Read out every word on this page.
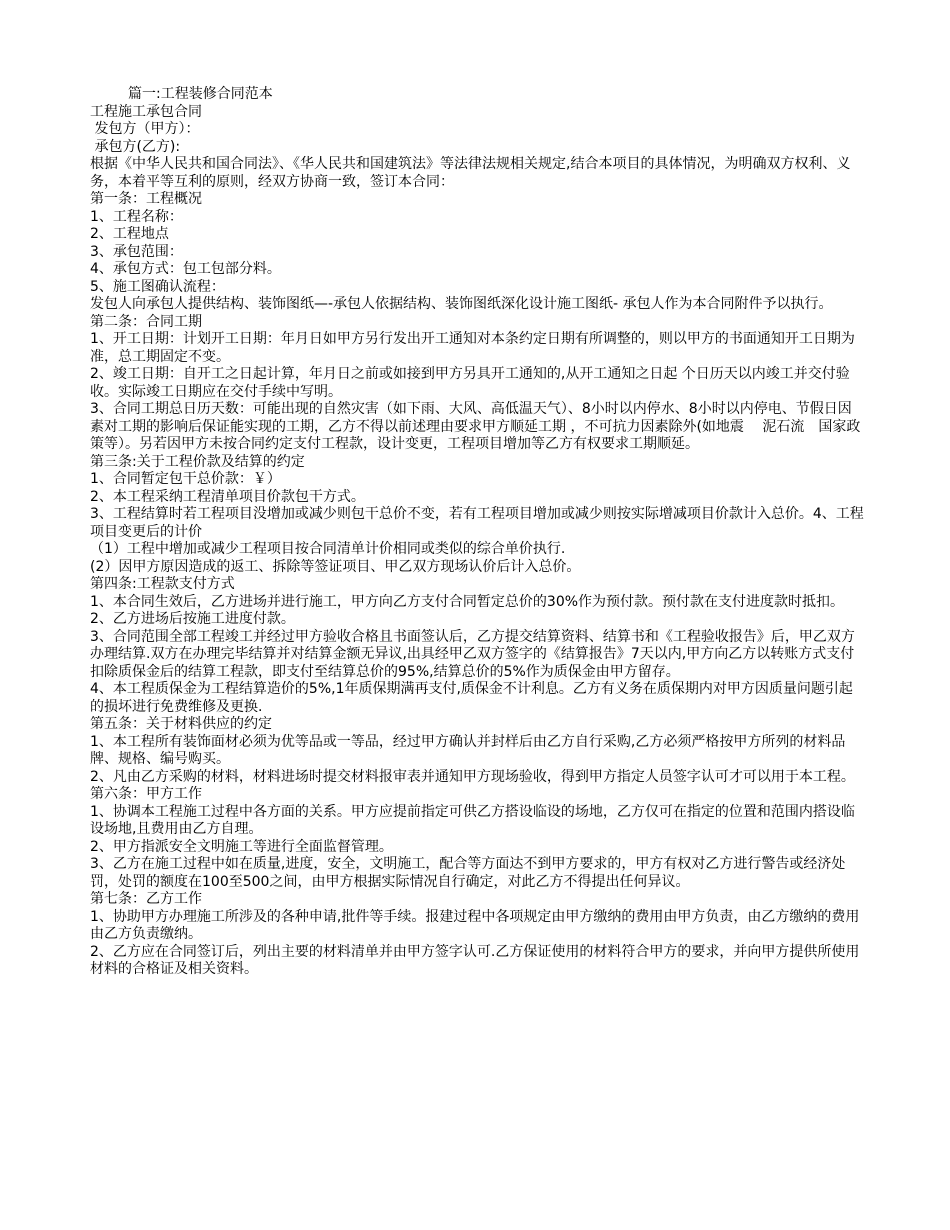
篇一:工程装修合同范本

工程施工承包合同

发包方（甲方）：

承包方(乙方):

根据《中华人民共和国合同法》、《华人民共和国建筑法》等法律法规相关规定,结合本项目的具体情况，为明确双方权利、义务，本着平等互利的原则，经双方协商一致，签订本合同：

第一条：工程概况

1、工程名称：

2、工程地点

3、承包范围：

4、承包方式：包工包部分料。

5、施工图确认流程：

发包人向承包人提供结构、装饰图纸—-承包人依据结构、装饰图纸深化设计施工图纸- 承包人作为本合同附件予以执行。

第二条：合同工期

1、开工日期：计划开工日期：年月日如甲方另行发出开工通知对本条约定日期有所调整的，则以甲方的书面通知开工日期为准，总工期固定不变。

2、竣工日期：自开工之日起计算，年月日之前或如接到甲方另具开工通知的,从开工通知之日起 个日历天以内竣工并交付验收。实际竣工日期应在交付手续中写明。

3、合同工期总日历天数：可能出现的自然灾害（如下雨、大风、高低温天气）、8小时以内停水、8小时以内停电、节假日因素对工期的影响后保证能实现的工期，乙方不得以前述理由要求甲方顺延工期 ，不可抗力因素除外(如地震　 泥石流　国家政策等）。另若因甲方未按合同约定支付工程款，设计变更，工程项目增加等乙方有权要求工期顺延。

第三条:关于工程价款及结算的约定

1、合同暂定包干总价款：￥）

2、本工程采纳工程清单项目价款包干方式。

3、工程结算时若工程项目没增加或减少则包干总价不变，若有工程项目增加或减少则按实际增减项目价款计入总价。4、工程项目变更后的计价

（1）工程中增加或减少工程项目按合同清单计价相同或类似的综合单价执行.

(2）因甲方原因造成的返工、拆除等签证项目、甲乙双方现场认价后计入总价。

第四条:工程款支付方式

1、本合同生效后，乙方进场并进行施工，甲方向乙方支付合同暂定总价的30%作为预付款。预付款在支付进度款时抵扣。

2、乙方进场后按施工进度付款。

3、合同范围全部工程竣工并经过甲方验收合格且书面签认后，乙方提交结算资料、结算书和《工程验收报告》后，甲乙双方办理结算.双方在办理完毕结算并对结算金额无异议,出具经甲乙双方签字的《结算报告》7天以内,甲方向乙方以转账方式支付扣除质保金后的结算工程款，即支付至结算总价的95%,结算总价的5%作为质保金由甲方留存。

4、本工程质保金为工程结算造价的5%,1年质保期满再支付,质保金不计利息。乙方有义务在质保期内对甲方因质量问题引起的损坏进行免费维修及更换.

第五条：关于材料供应的约定

1、本工程所有装饰面材必须为优等品或一等品，经过甲方确认并封样后由乙方自行采购,乙方必须严格按甲方所列的材料品牌、规格、编号购买。

2、凡由乙方采购的材料，材料进场时提交材料报审表并通知甲方现场验收，得到甲方指定人员签字认可才可以用于本工程。

第六条：甲方工作

1、协调本工程施工过程中各方面的关系。甲方应提前指定可供乙方搭设临设的场地，乙方仅可在指定的位置和范围内搭设临设场地,且费用由乙方自理。

2、甲方指派安全文明施工等进行全面监督管理。

3、乙方在施工过程中如在质量,进度，安全，文明施工，配合等方面达不到甲方要求的，甲方有权对乙方进行警告或经济处罚，处罚的额度在100至500之间，由甲方根据实际情况自行确定，对此乙方不得提出任何异议。

第七条：乙方工作

1、协助甲方办理施工所涉及的各种申请,批件等手续。报建过程中各项规定由甲方缴纳的费用由甲方负责，由乙方缴纳的费用由乙方负责缴纳。

2、乙方应在合同签订后，列出主要的材料清单并由甲方签字认可.乙方保证使用的材料符合甲方的要求，并向甲方提供所使用材料的合格证及相关资料。
